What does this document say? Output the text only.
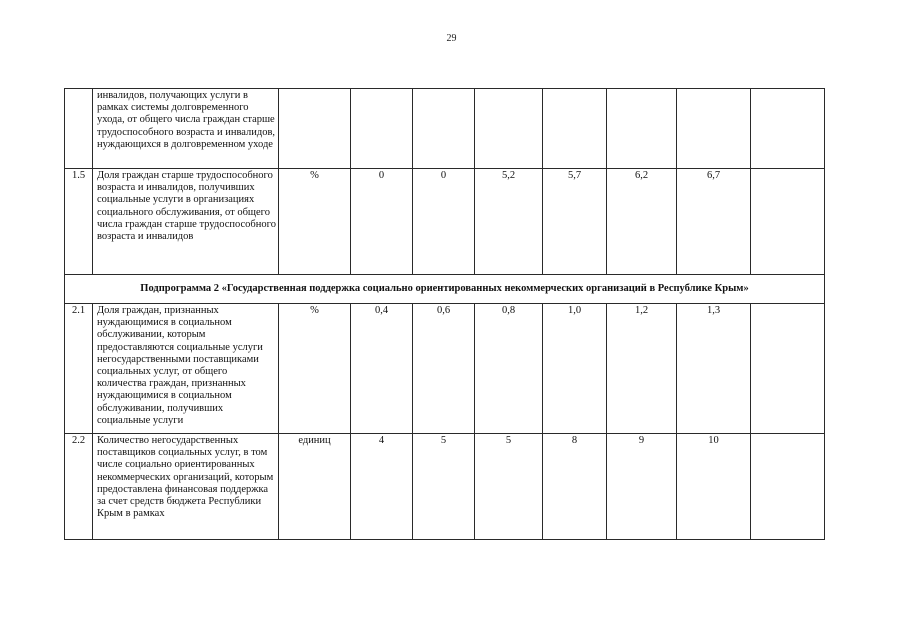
29
	инвалидов, получающих услуги в рамках системы долговременного ухода, от общего числа граждан старше трудоспособного возраста и инвалидов, нуждающихся в долговременном уходе								
1.5	Доля граждан старше трудоспособного возраста и инвалидов, получивших социальные услуги в организациях социального обслуживания, от общего числа граждан старше трудоспособного возраста и инвалидов	%	0	0	5,2	5,7	6,2	6,7	
Подпрограмма 2 «Государственная поддержка социально ориентированных некоммерческих организаций в Республике Крым»									
2.1	Доля граждан, признанных нуждающимися в социальном обслуживании, которым предоставляются социальные услуги негосударственными поставщиками социальных услуг, от общего количества граждан, признанных нуждающимися в социальном обслуживании, получивших социальные услуги	%	0,4	0,6	0,8	1,0	1,2	1,3	
2.2	Количество негосударственных поставщиков социальных услуг, в том числе социально ориентированных некоммерческих организаций, которым предоставлена финансовая поддержка за счет средств бюджета Республики Крым в рамках	единиц	4	5	5	8	9	10	
